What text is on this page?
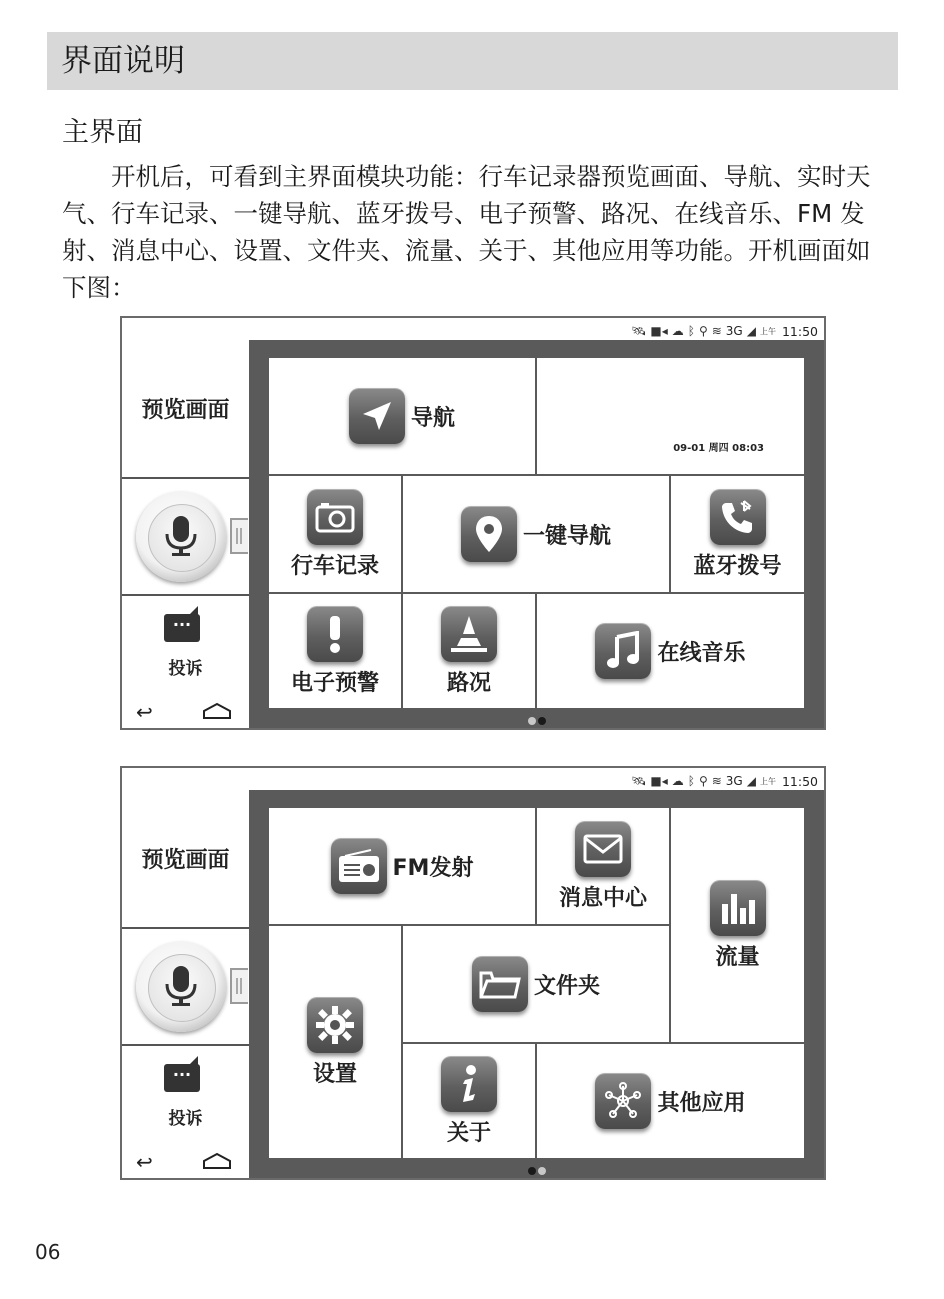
界面说明
主界面
开机后，可看到主界面模块功能：行车记录器预览画面、导航、实时天气、行车记录、一键导航、蓝牙拨号、电子预警、路况、在线音乐、FM 发射、消息中心、设置、文件夹、流量、关于、其他应用等功能。开机画面如下图：
🛰 ■◂ ☁ ᛒ ⚲ ≋ 3G ◢ 上午 11:50
预览画面
···
投诉
↩
导航
09-01 周四 08:03
行车记录
一键导航
蓝牙拨号
电子预警	路况
在线音乐
🛰 ■◂ ☁ ᛒ ⚲ ≋ 3G ◢ 上午 11:50
预览画面
···
投诉
↩
FM发射
消息中心
流量
设置
文件夹
关于
其他应用
06
